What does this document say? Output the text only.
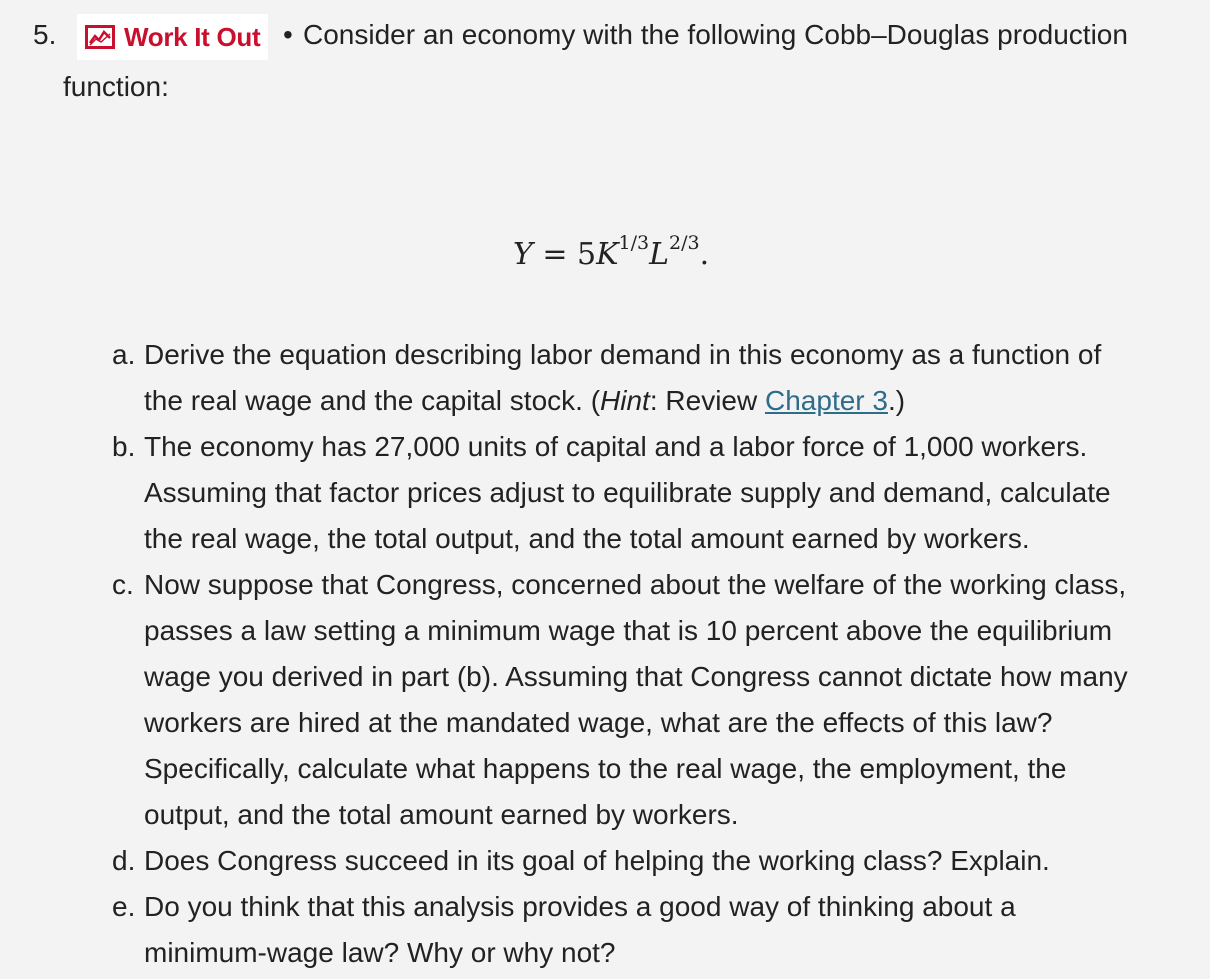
5.	Work It Out • Consider an economy with the following Cobb–Douglas production
function:
$Y = 5K^{1/3}L^{2/3}$.
a. Derive the equation describing labor demand in this economy as a function of
the real wage and the capital stock. (Hint: Review Chapter 3.)
b. The economy has 27,000 units of capital and a labor force of 1,000 workers.
Assuming that factor prices adjust to equilibrate supply and demand, calculate
the real wage, the total output, and the total amount earned by workers.
c. Now suppose that Congress, concerned about the welfare of the working class,
passes a law setting a minimum wage that is 10 percent above the equilibrium
wage you derived in part (b). Assuming that Congress cannot dictate how many
workers are hired at the mandated wage, what are the effects of this law?
Specifically, calculate what happens to the real wage, the employment, the
output, and the total amount earned by workers.
d. Does Congress succeed in its goal of helping the working class? Explain.
e. Do you think that this analysis provides a good way of thinking about a
minimum-wage law? Why or why not?
